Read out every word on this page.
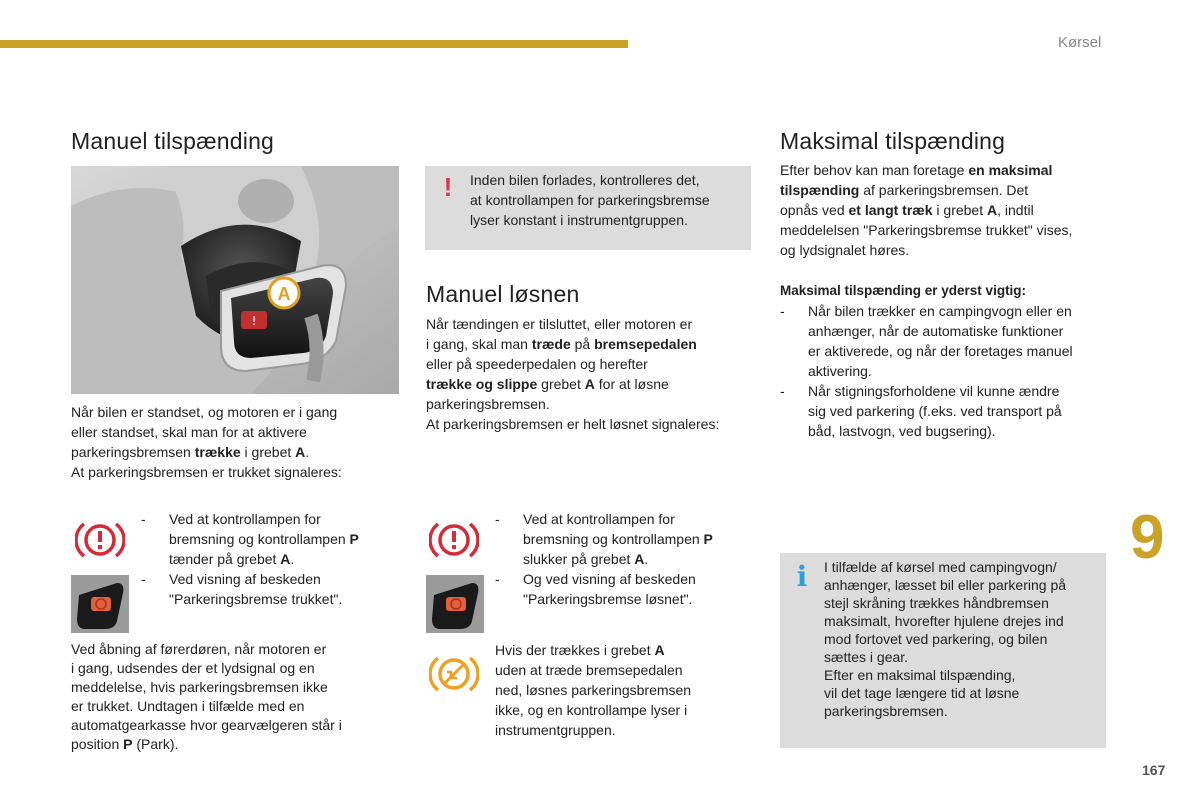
Kørsel
Manuel tilspænding
!
A
Når bilen er standset, og motoren er i gang
eller standset, skal man for at aktivere
parkeringsbremsen trække i grebet A.
At parkeringsbremsen er trukket signaleres:
- Ved at kontrollampen for
bremsning og kontrollampen P
tænder på grebet A.
- Ved visning af beskeden
"Parkeringsbremse trukket".
Ved åbning af førerdøren, når motoren er
i gang, udsendes der et lydsignal og en
meddelelse, hvis parkeringsbremsen ikke
er trukket. Undtagen i tilfælde med en
automatgearkasse hvor gearvælgeren står i
position P (Park).
! Inden bilen forlades, kontrolleres det,
at kontrollampen for parkeringsbremse
lyser konstant i instrumentgruppen.
Manuel løsnen
Når tændingen er tilsluttet, eller motoren er
i gang, skal man træde på bremsepedalen
eller på speederpedalen og herefter
trække og slippe grebet A for at løsne
parkeringsbremsen.
At parkeringsbremsen er helt løsnet signaleres:
- Ved at kontrollampen for
bremsning og kontrollampen P
slukker på grebet A.
- Og ved visning af beskeden
"Parkeringsbremse løsnet".
Hvis der trækkes i grebet A
uden at træde bremsepedalen
ned, løsnes parkeringsbremsen
ikke, og en kontrollampe lyser i
instrumentgruppen.
Maksimal tilspænding
Efter behov kan man foretage en maksimal
tilspænding af parkeringsbremsen. Det
opnås ved et langt træk i grebet A, indtil
meddelelsen "Parkeringsbremse trukket" vises,
og lydsignalet høres.
Maksimal tilspænding er yderst vigtig:
- Når bilen trækker en campingvogn eller en
anhænger, når de automatiske funktioner
er aktiverede, og når der foretages manuel
aktivering.
- Når stigningsforholdene vil kunne ændre
sig ved parkering (f.eks. ved transport på
båd, lastvogn, ved bugsering).
i	I tilfælde af kørsel med campingvogn/
anhænger, læsset bil eller parkering på
stejl skråning trækkes håndbremsen
maksimalt, hvorefter hjulene drejes ind
mod fortovet ved parkering, og bilen
sættes i gear.
Efter en maksimal tilspænding,
vil det tage længere tid at løsne
parkeringsbremsen.
9
167
